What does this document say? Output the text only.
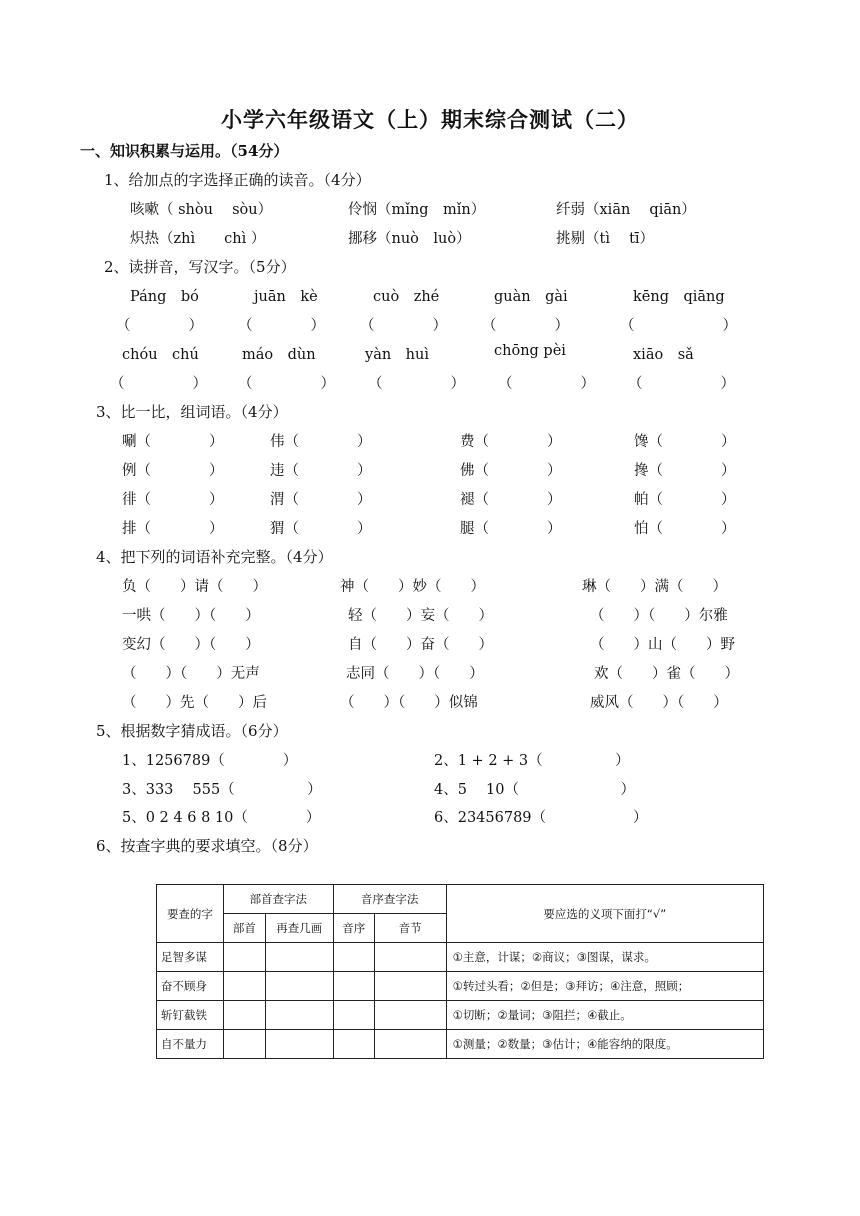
小学六年级语文（上）期末综合测试（二）
一、知识积累与运用。（54分）
1、给加点的字选择正确的读音。（4分）
咳嗽（ shòu　 sòu）	伶悯（mǐng　mǐn）	纤弱（xiān　 qiān）
炽热（zhì　　chì ）	挪移（nuò　luò）	挑剔（tì　 tī）
2、读拼音，写汉字。（5分）
Páng　bó	juān　kè	cuò　zhé	guàn　gài	kēng　qiāng
（　　　　） （　　　　） （　　　　） （　　　　）	（　　　　）
chóu　chú	máo　dùn	yàn　huì	chōng pèi	xiāo　sǎ
（　　　　） （　　　　） （　　　　） （　　　　） （　　　　）
3、比一比，组词语。（4分）
唰（　　　　）	伟（　　　　）	费（　　　　）	馋（　　　　）
例（　　　　）	违（　　　　）	佛（　　　　）	搀（　　　　）
徘（　　　　）	渭（　　　　）	褪（　　　　）	帕（　　　　）
排（　　　　）	猬（　　　　）	腿（　　　　）	怕（　　　　）
4、把下列的词语补充完整。（4分）
负（　　）请（　　）	神（　　）妙（　　）	琳（　　）满（　　）
一哄（　　）（　　）	轻（　　）妄（　　）	（　　）（　　）尔雅
变幻（　　）（　　）	自（　　）奋（　　）	（　　）山（　　）野
（　　）（　　）无声	志同（　　）（　　）	欢（　　）雀（　　）
（　　）先（　　）后	（　　）（　　）似锦	威风（　　）（　　）
5、根据数字猜成语。（6分）
1、1256789（　　　　）	2、1 + 2 + 3（　　　　　）
3、333　 555（　　　　　）	4、5　 10（　　　　　　　）
5、0 2 4 6 8 10（　　　　）	6、23456789（　　　　　　）
6、按查字典的要求填空。（8分）
要查的字	部首查字法		音序查字法		要应选的义项下面打“√”
	部首	再查几画	音序	音节	
足智多谋					①主意，计谋；②商议；③图谋，谋求。
奋不顾身					①转过头看；②但是；③拜访；④注意，照顾；
斩钉截铁					①切断；②量词；③阻拦；④截止。
自不量力					①测量；②数量；③估计；④能容纳的限度。
